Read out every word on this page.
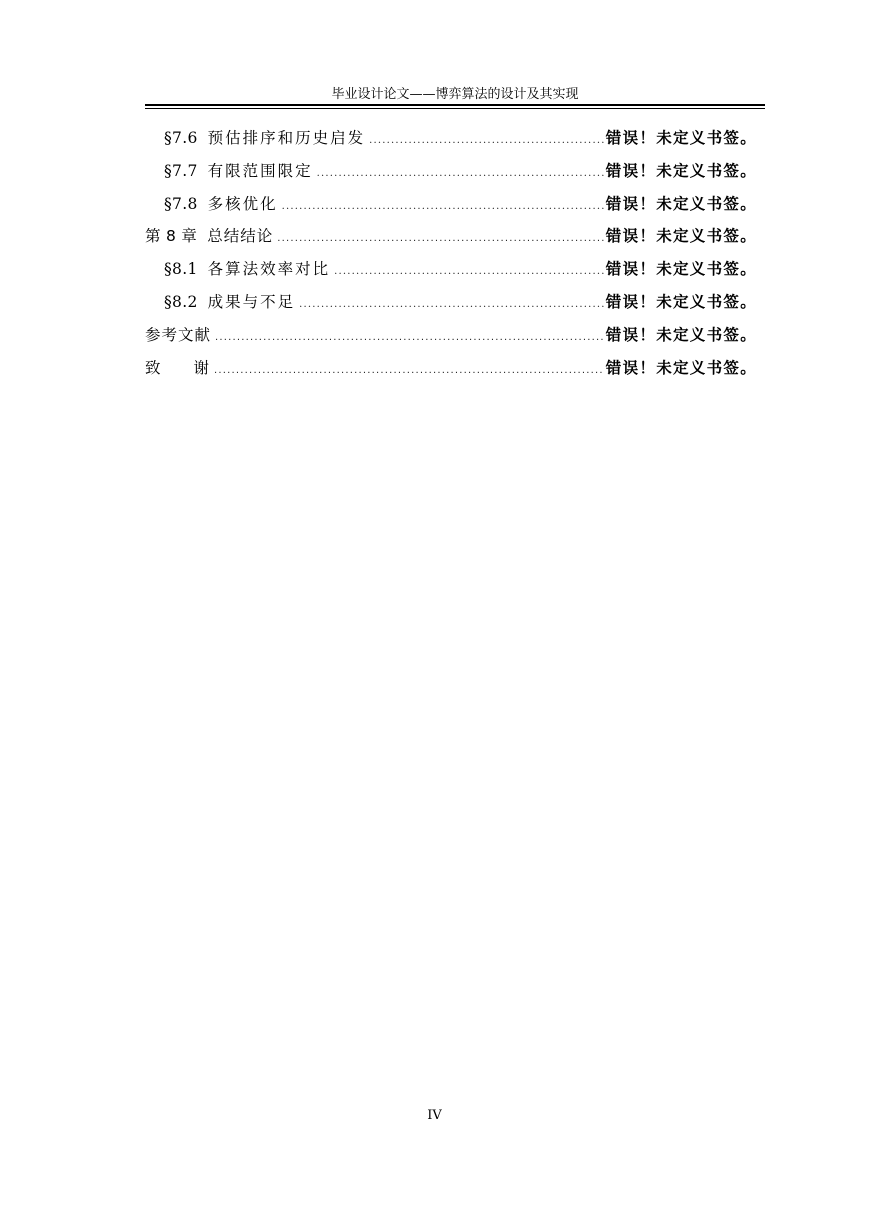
毕业设计论文——博弈算法的设计及其实现
§7.6 预估排序和历史启发 .....	错误！未定义书签。
§7.7 有限范围限定 .....	错误！未定义书签。
§7.8 多核优化 .....	错误！未定义书签。
第 8 章 总结结论 .....	错误！未定义书签。
§8.1 各算法效率对比 .....	错误！未定义书签。
§8.2 成果与不足 .....	错误！未定义书签。
参考文献 .....	错误！未定义书签。
致 谢 .....	错误！未定义书签。
IV
